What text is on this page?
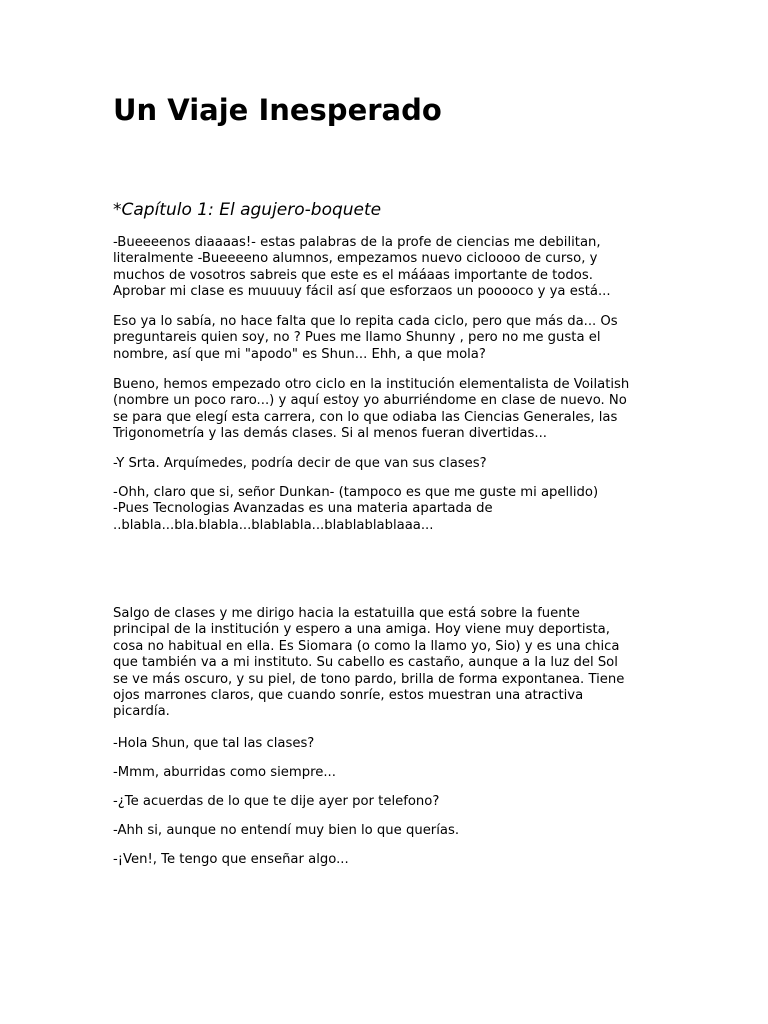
Un Viaje Inesperado
*Capítulo 1: El agujero-boquete

-Bueeeenos diaaaas!- estas palabras de la profe de ciencias me debilitan,
literalmente -Bueeeeno alumnos, empezamos nuevo cicloooo de curso, y
muchos de vosotros sabreis que este es el mááaas importante de todos.
Aprobar mi clase es muuuuy fácil así que esforzaos un pooooco y ya está...

Eso ya lo sabía, no hace falta que lo repita cada ciclo, pero que más da... Os
preguntareis quien soy, no ? Pues me llamo Shunny , pero no me gusta el
nombre, así que mi "apodo" es Shun... Ehh, a que mola?

Bueno, hemos empezado otro ciclo en la institución elementalista de Voilatish
(nombre un poco raro...) y aquí estoy yo aburriéndome en clase de nuevo. No
se para que elegí esta carrera, con lo que odiaba las Ciencias Generales, las
Trigonometría y las demás clases. Si al menos fueran divertidas...

-Y Srta. Arquímedes, podría decir de que van sus clases?

-Ohh, claro que si, señor Dunkan- (tampoco es que me guste mi apellido)
-Pues Tecnologias Avanzadas es una materia apartada de
..blabla...bla.blabla...blablabla...blablablablaaa...

Salgo de clases y me dirigo hacia la estatuilla que está sobre la fuente
principal de la institución y espero a una amiga. Hoy viene muy deportista,
cosa no habitual en ella. Es Siomara (o como la llamo yo, Sio) y es una chica
que también va a mi instituto. Su cabello es castaño, aunque a la luz del Sol
se ve más oscuro, y su piel, de tono pardo, brilla de forma expontanea. Tiene
ojos marrones claros, que cuando sonríe, estos muestran una atractiva
picardía.

-Hola Shun, que tal las clases?

-Mmm, aburridas como siempre...

-¿Te acuerdas de lo que te dije ayer por telefono?

-Ahh si, aunque no entendí muy bien lo que querías.

-¡Ven!, Te tengo que enseñar algo...
